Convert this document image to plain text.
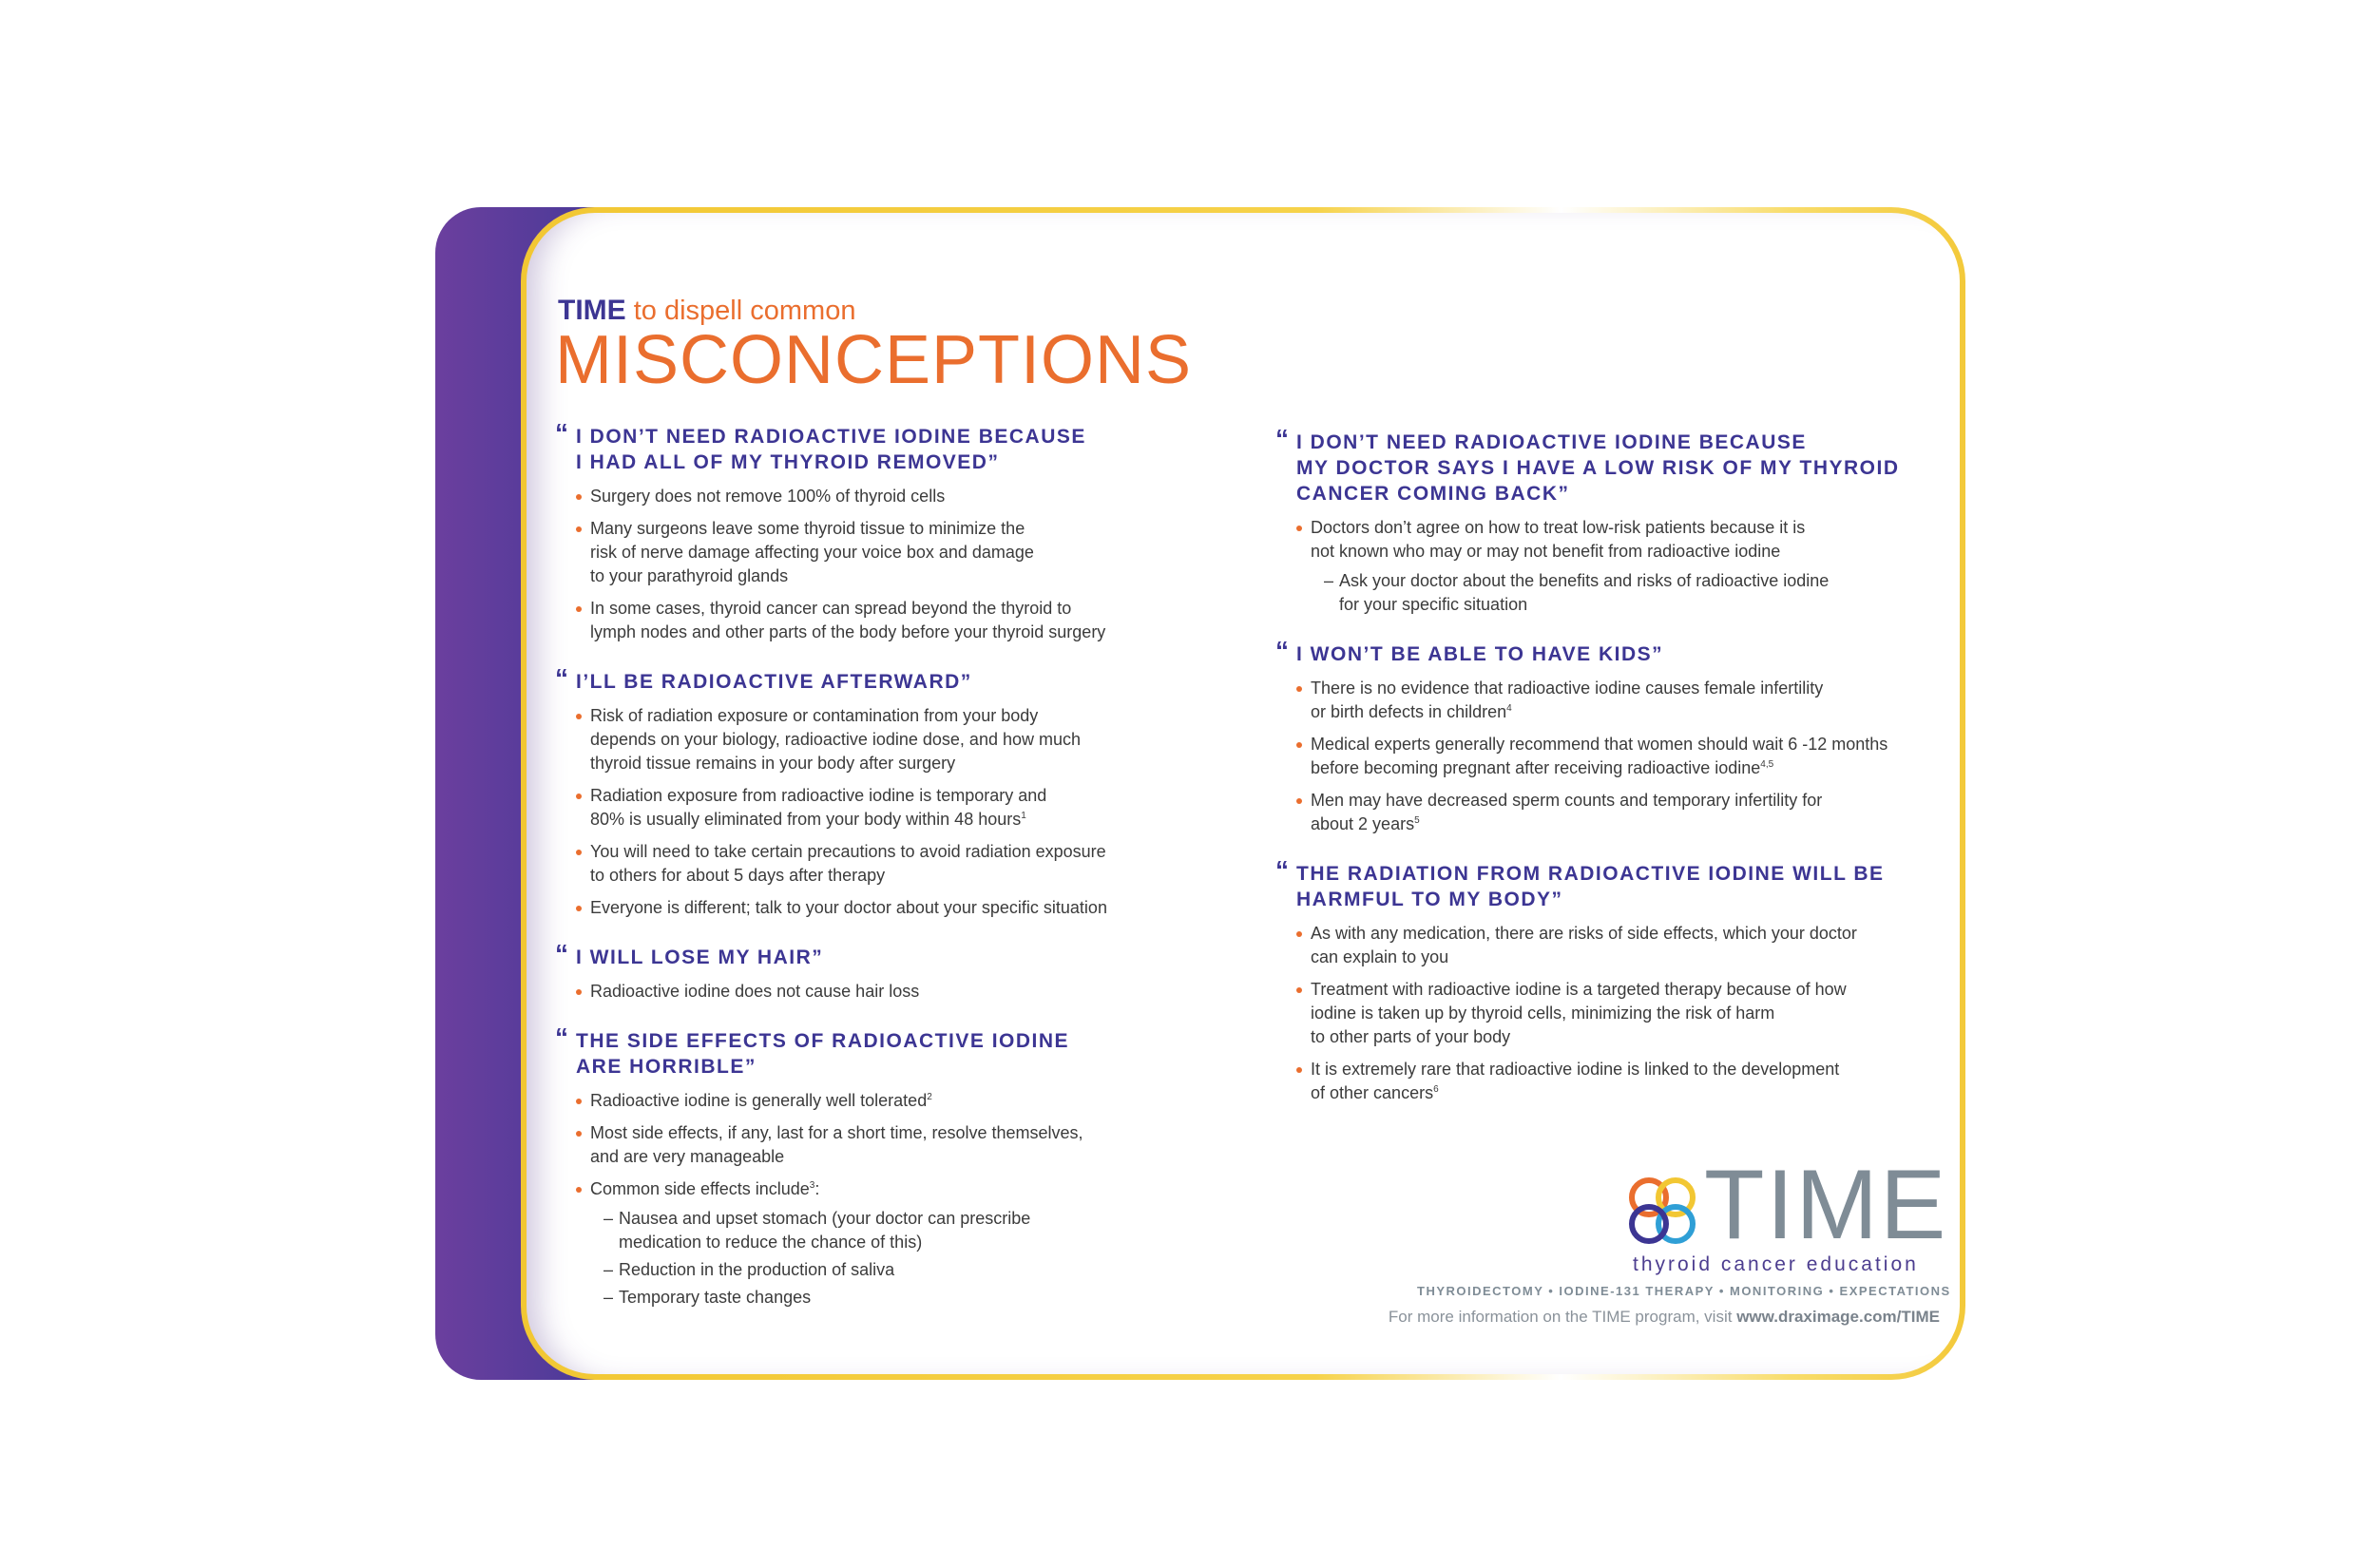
TIME to dispell common
MISCONCEPTIONS
“ I DON’T NEED RADIOACTIVE IODINE BECAUSE
I HAD ALL OF MY THYROID REMOVED”
Surgery does not remove 100% of thyroid cells
Many surgeons leave some thyroid tissue to minimize the
risk of nerve damage affecting your voice box and damage
to your parathyroid glands
In some cases, thyroid cancer can spread beyond the thyroid to
lymph nodes and other parts of the body before your thyroid surgery
“ I’LL BE RADIOACTIVE AFTERWARD”
Risk of radiation exposure or contamination from your body
depends on your biology, radioactive iodine dose, and how much
thyroid tissue remains in your body after surgery
Radiation exposure from radioactive iodine is temporary and
80% is usually eliminated from your body within 48 hours$^1$
You will need to take certain precautions to avoid radiation exposure
to others for about 5 days after therapy
Everyone is different; talk to your doctor about your specific situation
“ I WILL LOSE MY HAIR”
Radioactive iodine does not cause hair loss
“ THE SIDE EFFECTS OF RADIOACTIVE IODINE
ARE HORRIBLE”
Radioactive iodine is generally well tolerated$^2$
Most side effects, if any, last for a short time, resolve themselves,
and are very manageable
Common side effects include$^3$:
– Nausea and upset stomach (your doctor can prescribe
medication to reduce the chance of this)
– Reduction in the production of saliva
– Temporary taste changes
“ I DON’T NEED RADIOACTIVE IODINE BECAUSE
MY DOCTOR SAYS I HAVE A LOW RISK OF MY THYROID
CANCER COMING BACK”
Doctors don’t agree on how to treat low-risk patients because it is
not known who may or may not benefit from radioactive iodine
– Ask your doctor about the benefits and risks of radioactive iodine
for your specific situation
“ I WON’T BE ABLE TO HAVE KIDS”
There is no evidence that radioactive iodine causes female infertility
or birth defects in children$^4$
Medical experts generally recommend that women should wait 6 -12 months
before becoming pregnant after receiving radioactive iodine$^{4,5}$
Men may have decreased sperm counts and temporary infertility for
about 2 years$^5$
“ THE RADIATION FROM RADIOACTIVE IODINE WILL BE
HARMFUL TO MY BODY”
As with any medication, there are risks of side effects, which your doctor
can explain to you
Treatment with radioactive iodine is a targeted therapy because of how
iodine is taken up by thyroid cells, minimizing the risk of harm
to other parts of your body
It is extremely rare that radioactive iodine is linked to the development
of other cancers$^6$
TIME
thyroid cancer education
THYROIDECTOMY • IODINE-131 THERAPY • MONITORING • EXPECTATIONS
For more information on the TIME program, visit www.draximage.com/TIME
